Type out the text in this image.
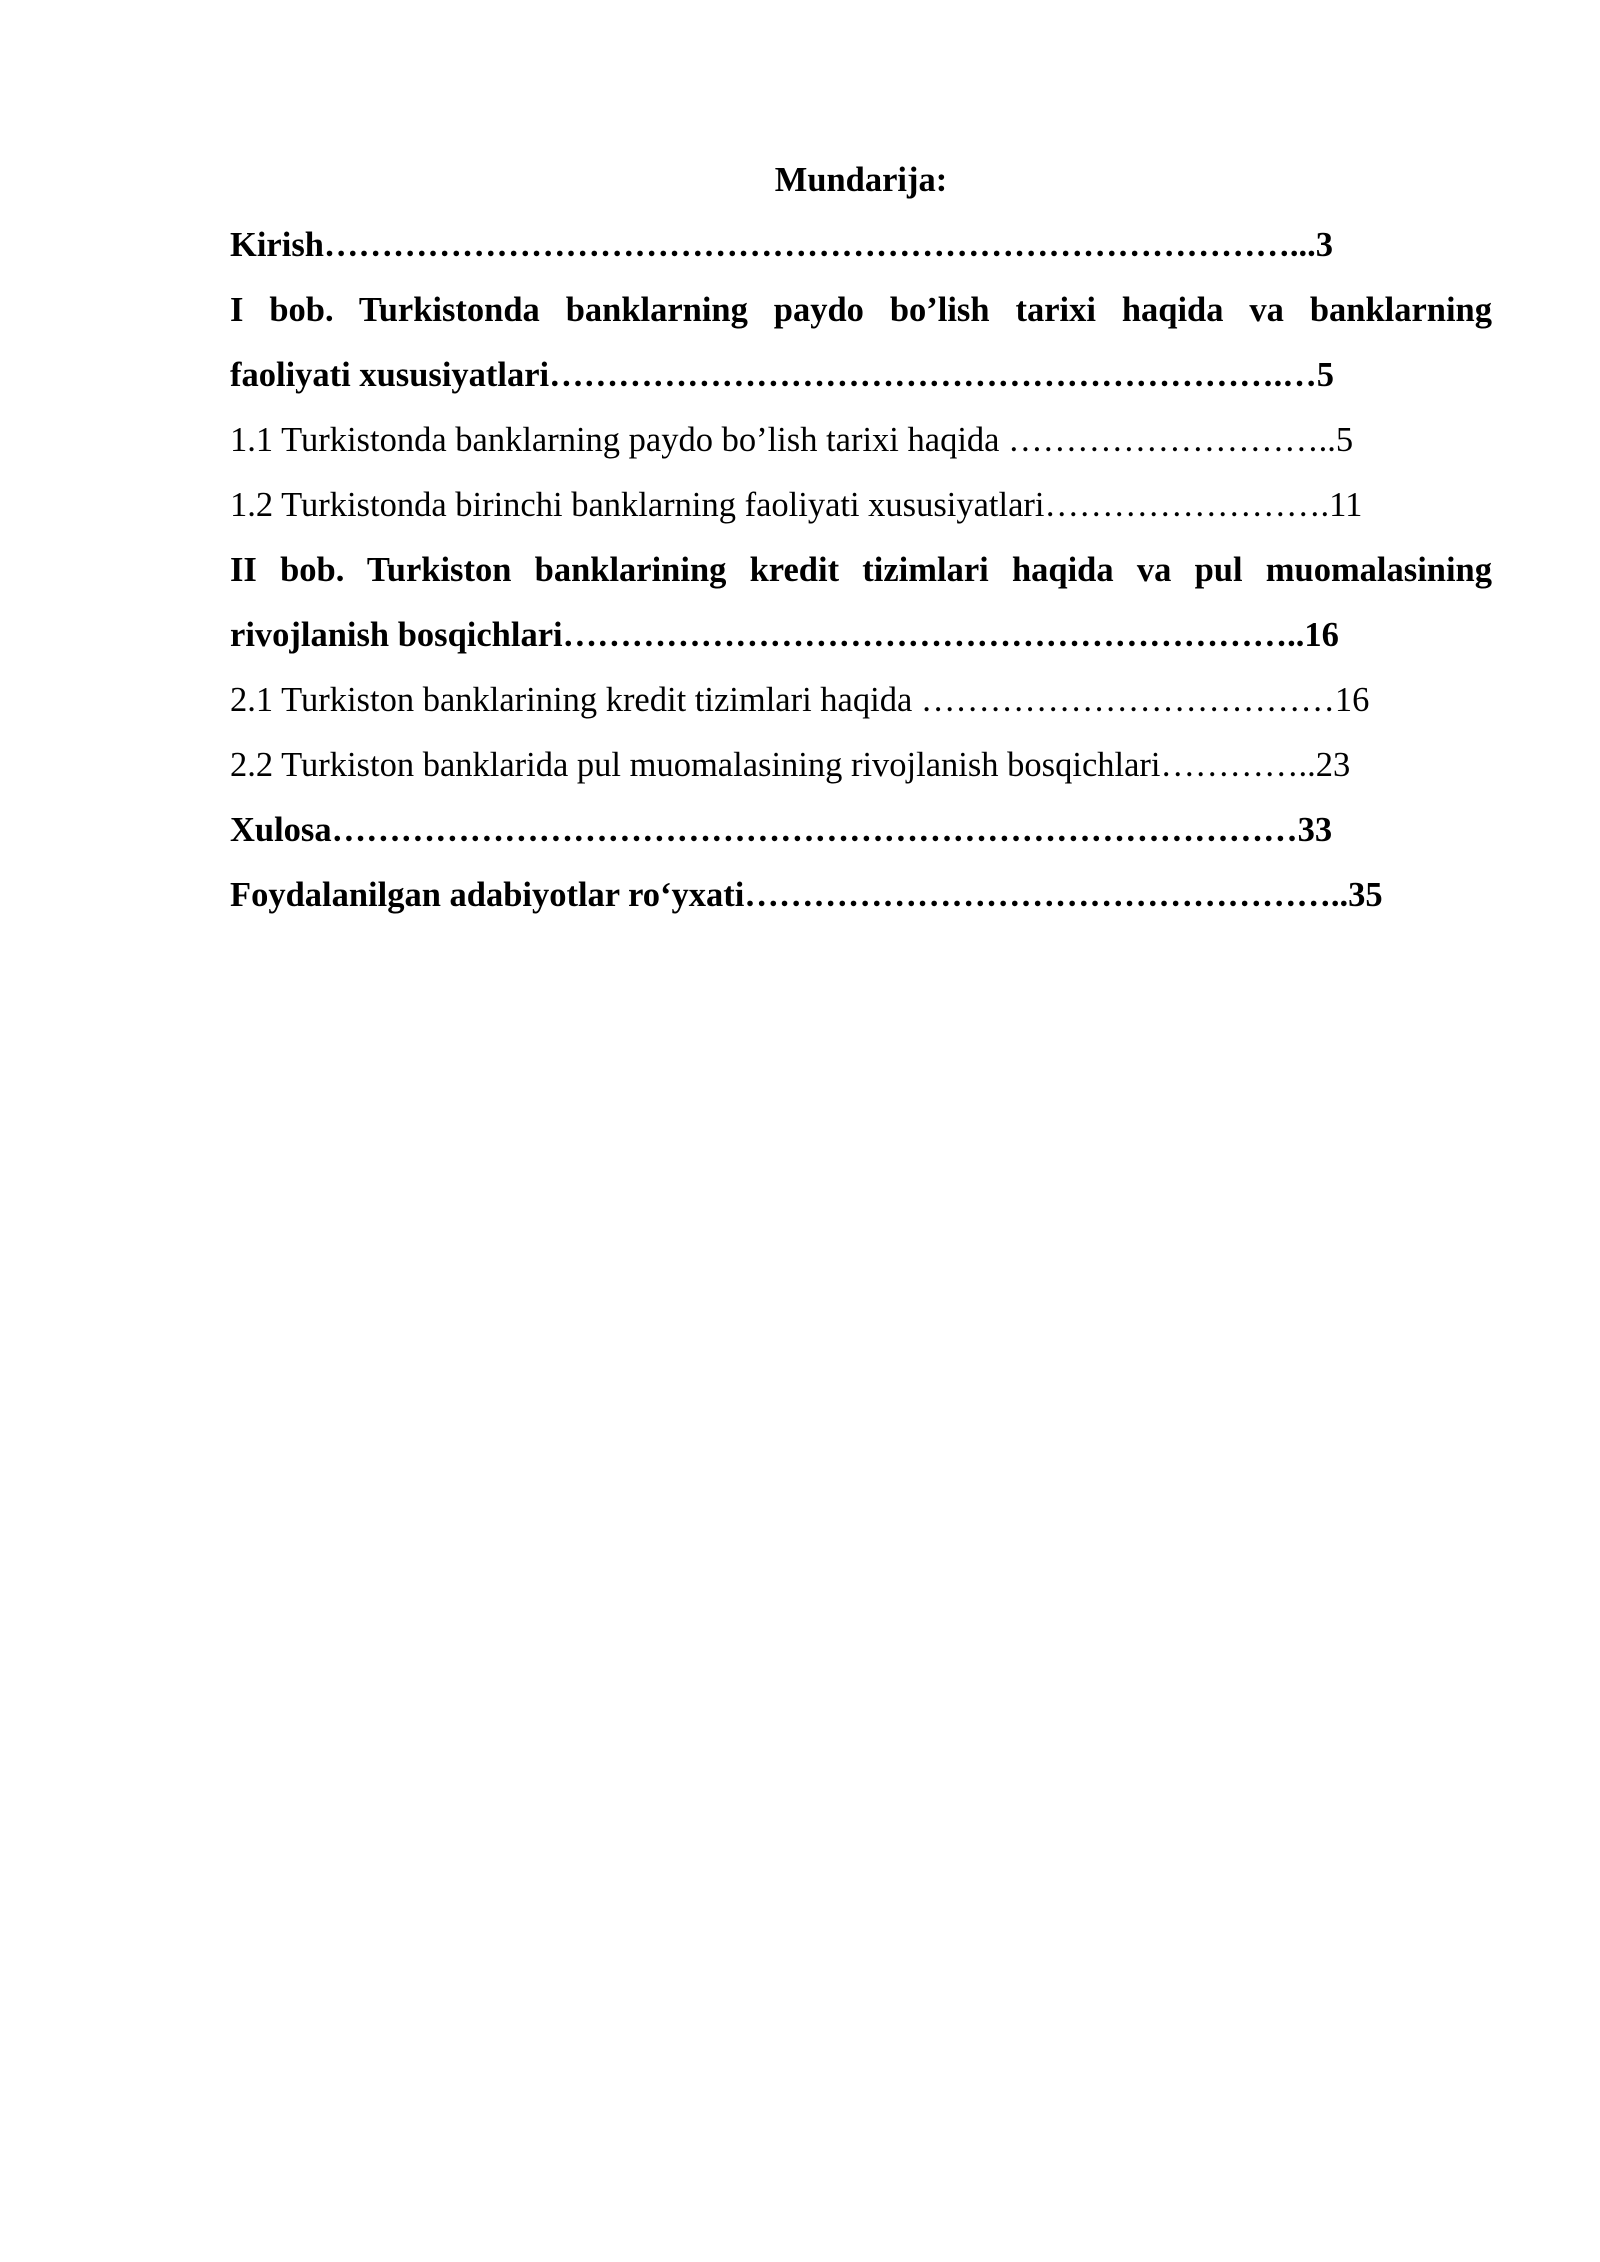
Mundarija:
Kirish…………………………………………………………………………...3
I bob. Turkistonda banklarning paydo bo’lish tarixi haqida va banklarning
faoliyati xususiyatlari……………………………………………………….…5
1.1 Turkistonda banklarning paydo bo’lish tarixi haqida ………………………..5
1.2 Turkistonda birinchi banklarning faoliyati xususiyatlari…………………….11
II bob. Turkiston banklarining kredit tizimlari haqida va pul muomalasining
rivojlanish bosqichlari………………………………………………………..16
2.1 Turkiston banklarining kredit tizimlari haqida ………………………………16
2.2 Turkiston banklarida pul muomalasining rivojlanish bosqichlari…………..23
Xulosa…………………………………………………………………………33
Foydalanilgan adabiyotlar ro‘yxati……………………………………………..35
